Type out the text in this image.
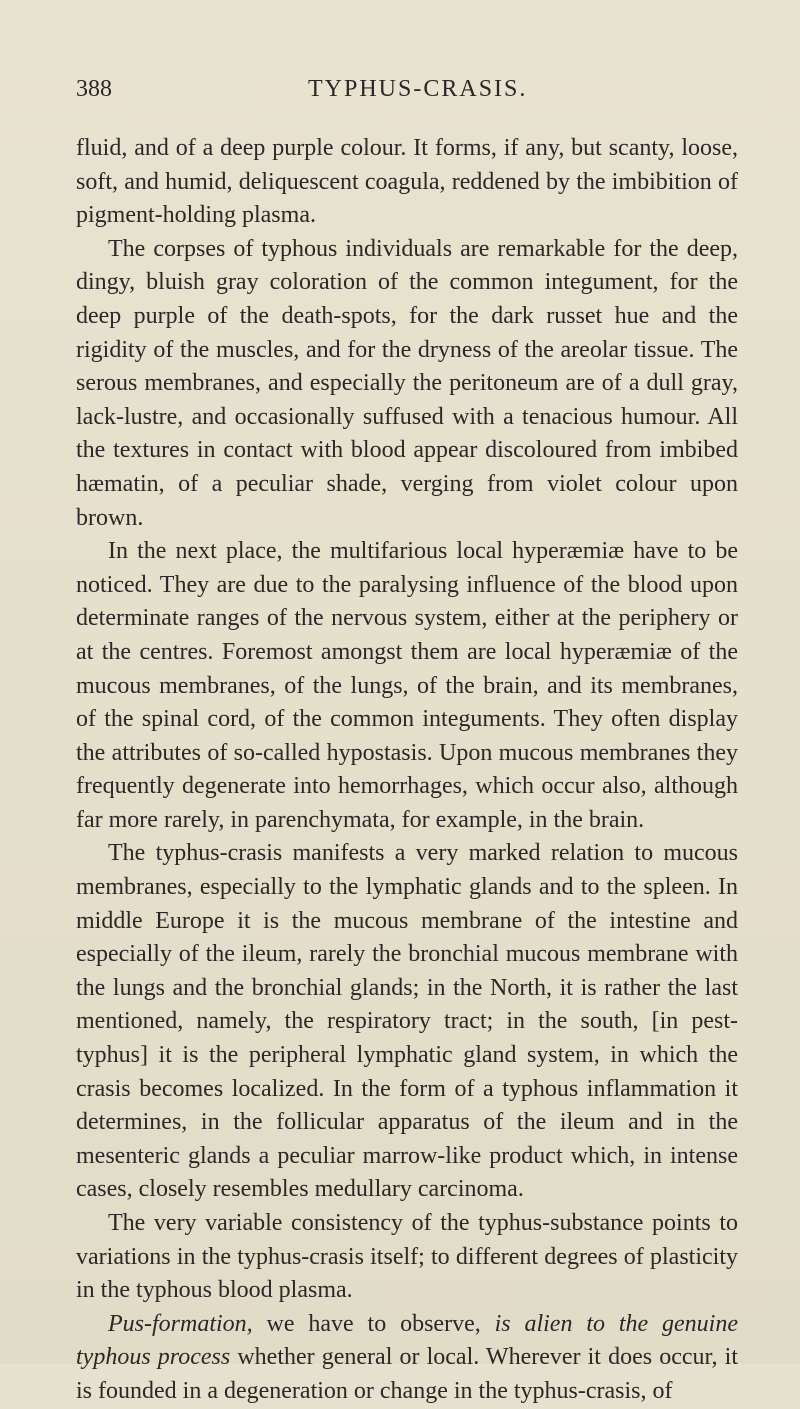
388	TYPHUS-CRASIS.

fluid, and of a deep purple colour. It forms, if any, but scanty, loose, soft, and humid, deliquescent coagula, reddened by the imbibition of pigment-holding plasma.

The corpses of typhous individuals are remarkable for the deep, dingy, bluish gray coloration of the common integument, for the deep purple of the death-spots, for the dark russet hue and the rigidity of the muscles, and for the dryness of the areolar tissue. The serous membranes, and especially the peritoneum are of a dull gray, lack-lustre, and occasionally suffused with a tenacious humour. All the textures in contact with blood appear discoloured from imbibed hæmatin, of a peculiar shade, verging from violet colour upon brown.

In the next place, the multifarious local hyperæmiæ have to be noticed. They are due to the paralysing influence of the blood upon determinate ranges of the nervous system, either at the periphery or at the centres. Foremost amongst them are local hyperæmiæ of the mucous membranes, of the lungs, of the brain, and its membranes, of the spinal cord, of the common integuments. They often display the attributes of so-called hypostasis. Upon mucous membranes they frequently degenerate into hemorrhages, which occur also, although far more rarely, in parenchymata, for example, in the brain.

The typhus-crasis manifests a very marked relation to mucous membranes, especially to the lymphatic glands and to the spleen. In middle Europe it is the mucous membrane of the intestine and especially of the ileum, rarely the bronchial mucous membrane with the lungs and the bronchial glands; in the North, it is rather the last mentioned, namely, the respiratory tract; in the south, [in pest-typhus] it is the peripheral lymphatic gland system, in which the crasis becomes localized. In the form of a typhous inflammation it determines, in the follicular apparatus of the ileum and in the mesenteric glands a peculiar marrow-like product which, in intense cases, closely resembles medullary carcinoma.

The very variable consistency of the typhus-substance points to variations in the typhus-crasis itself; to different degrees of plasticity in the typhous blood plasma.

Pus-formation, we have to observe, is alien to the genuine typhous process whether general or local. Wherever it does occur, it is founded in a degeneration or change in the typhus-crasis, of
